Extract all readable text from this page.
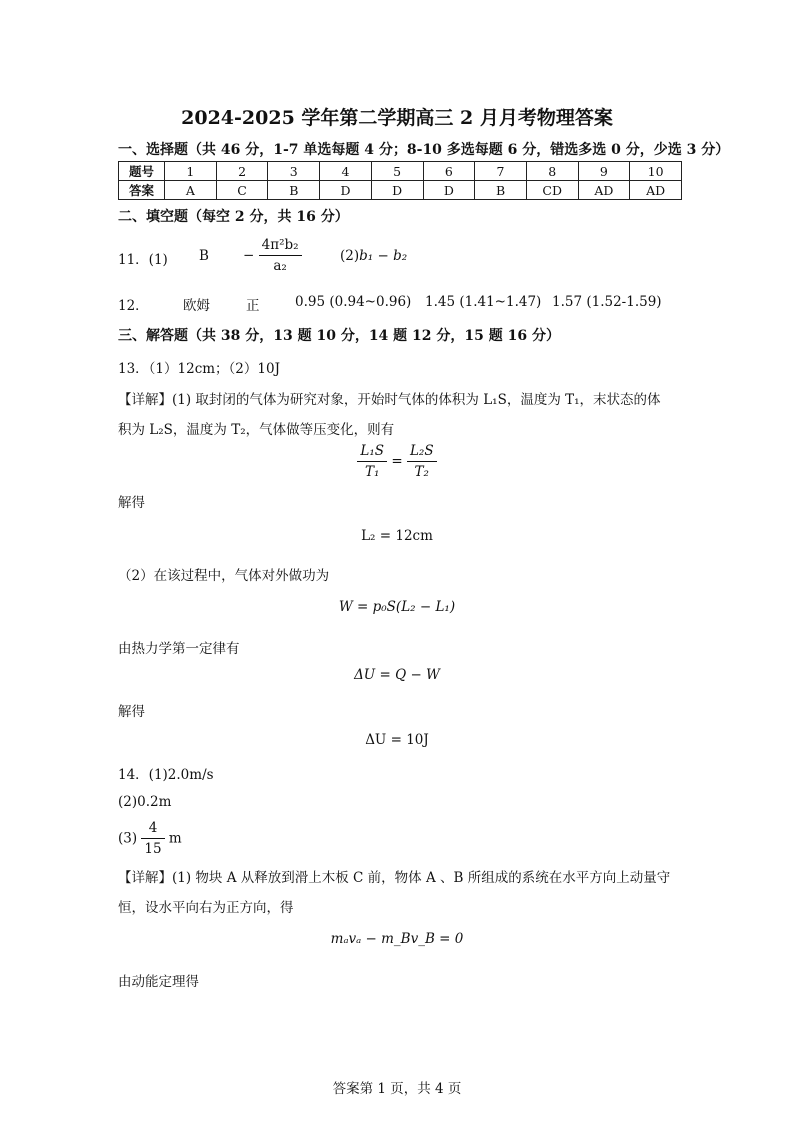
2024-2025 学年第二学期高三 2 月月考物理答案
一、选择题（共 46 分，1-7 单选每题 4 分；8-10 多选每题 6 分，错选多选 0 分，少选 3 分）
题号	1	2	3	4	5	6	7	8	9	10
答案	A	C	B	D	D	D	B	CD	AD	AD
二、填空题（每空 2 分，共 16 分）
11．(1) B	− $\frac{\text{4π²b₂}}{\text{a₂}}$	(2)b₁ − b₂
12．	欧姆	正	0.95 (0.94~0.96) 1.45 (1.41~1.47) 1.57 (1.52-1.59)
三、解答题（共 38 分，13 题 10 分，14 题 12 分，15 题 16 分）
13．（1）12cm；（2）10J
【详解】(1) 取封闭的气体为研究对象，开始时气体的体积为 L₁S，温度为 T₁，末状态的体
积为 L₂S，温度为 T₂，气体做等压变化，则有
$\frac{\text{L₁S}}{\text{T₁}} = \frac{\text{L₂S}}{\text{T₂}}$
解得
L₂ = 12cm
（2）在该过程中，气体对外做功为
W = p₀S(L₂ − L₁)
由热力学第一定律有
ΔU = Q − W
解得
ΔU = 10J
14．(1)2.0m/s
(2)0.2m
$(3) \frac{4}{15}$ m
【详解】(1) 物块 A 从释放到滑上木板 C 前，物体 A 、B 所组成的系统在水平方向上动量守
恒，设水平向右为正方向，得
mₐvₐ − m_Bv_B = 0
由动能定理得
答案第 1 页，共 4 页
